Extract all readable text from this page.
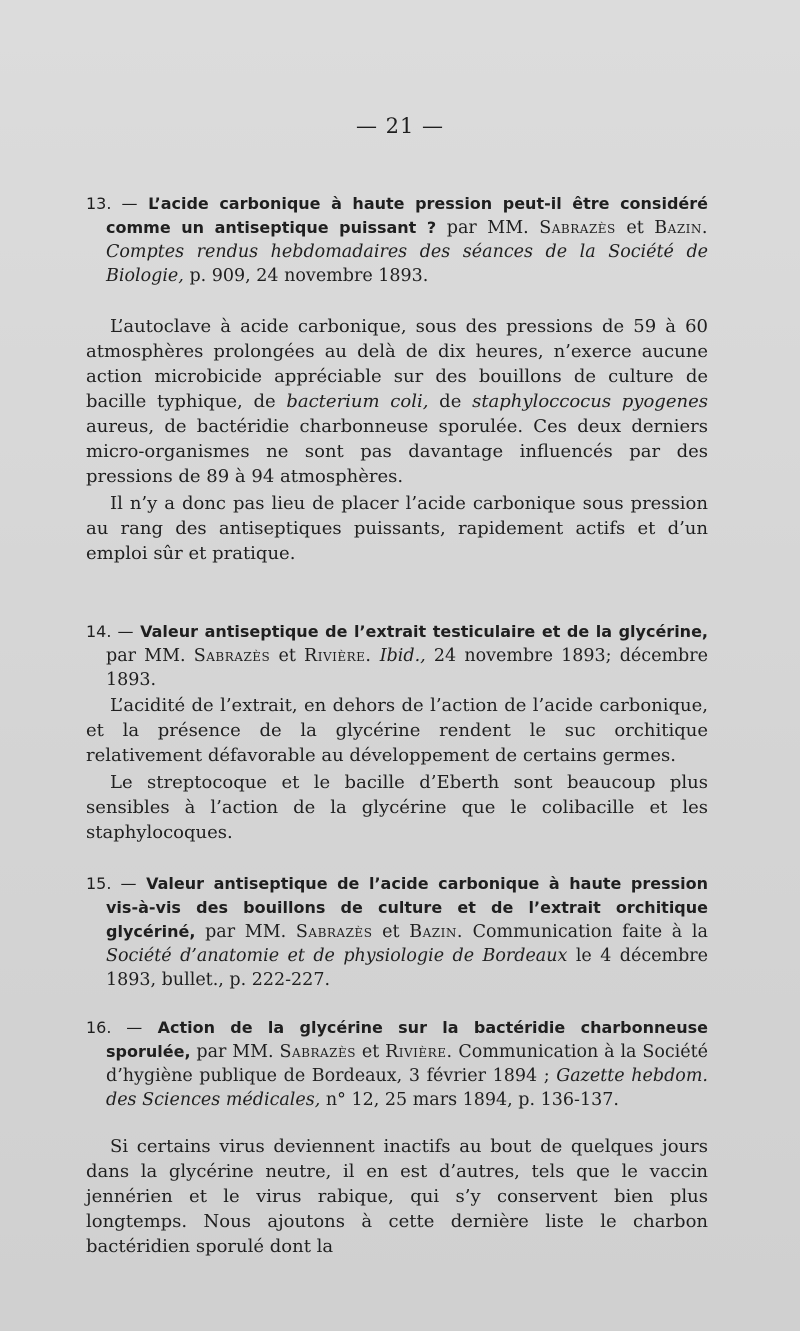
— 21 —
13. — L’acide carbonique à haute pression peut-il être considéré comme un antiseptique puissant ? par MM. Sabrazès et Bazin. Comptes rendus hebdomadaires des séances de la Société de Biologie, p. 909, 24 novembre 1893.

L’autoclave à acide carbonique, sous des pressions de 59 à 60 atmosphères prolongées au delà de dix heures, n’exerce aucune action microbicide appréciable sur des bouillons de culture de bacille typhique, de bacterium coli, de staphyloccocus pyogenes aureus, de bactéridie charbonneuse sporulée. Ces deux derniers micro-organismes ne sont pas davantage influencés par des pressions de 89 à 94 atmosphères.

Il n’y a donc pas lieu de placer l’acide carbonique sous pression au rang des antiseptiques puissants, rapidement actifs et d’un emploi sûr et pratique.

14. — Valeur antiseptique de l’extrait testiculaire et de la glycérine, par MM. Sabrazès et Rivière. Ibid., 24 novembre 1893; décembre 1893.

L’acidité de l’extrait, en dehors de l’action de l’acide carbonique, et la présence de la glycérine rendent le suc orchitique relativement défavorable au développement de certains germes.

Le streptocoque et le bacille d’Eberth sont beaucoup plus sensibles à l’action de la glycérine que le colibacille et les staphylocoques.

15. — Valeur antiseptique de l’acide carbonique à haute pression vis-à-vis des bouillons de culture et de l’extrait orchitique glycériné, par MM. Sabrazès et Bazin. Communication faite à la Société d’anatomie et de physiologie de Bordeaux le 4 décembre 1893, bullet., p. 222-227.
16. — Action de la glycérine sur la bactéridie charbonneuse sporulée, par MM. Sabrazès et Rivière. Communication à la Société d’hygiène publique de Bordeaux, 3 février 1894 ; Gazette hebdom. des Sciences médicales, n° 12, 25 mars 1894, p. 136-137.

Si certains virus deviennent inactifs au bout de quelques jours dans la glycérine neutre, il en est d’autres, tels que le vaccin jennérien et le virus rabique, qui s’y conservent bien plus longtemps. Nous ajoutons à cette dernière liste le charbon bactéridien sporulé dont la
